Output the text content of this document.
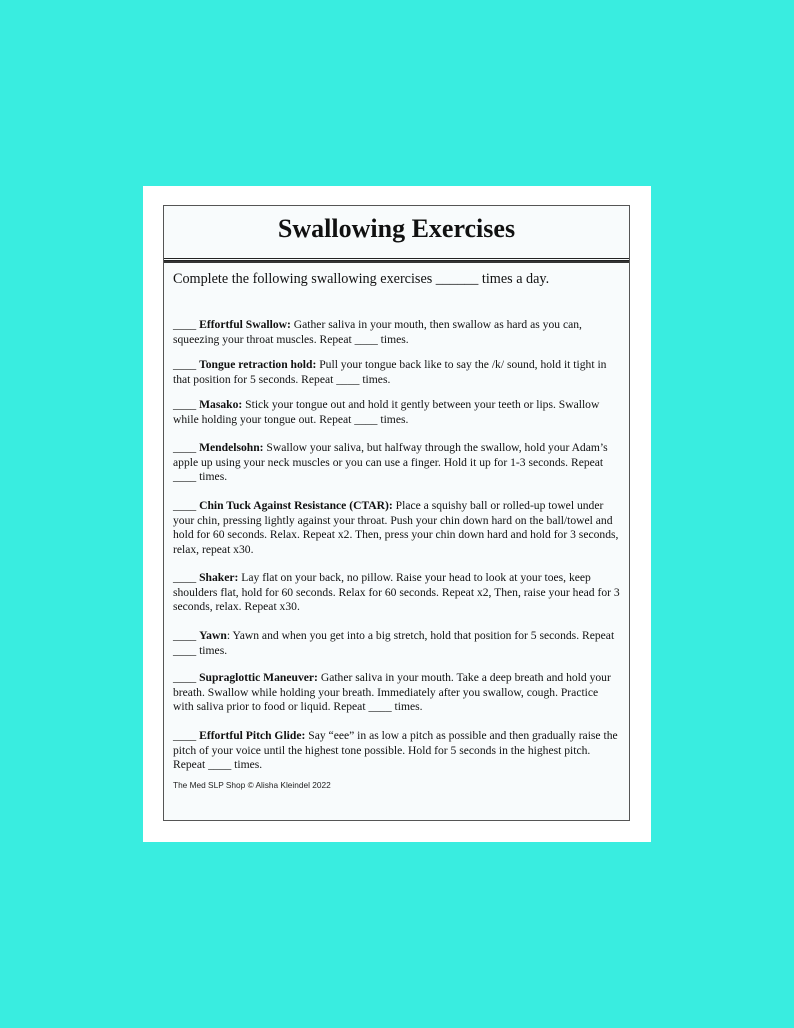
Swallowing Exercises
Complete the following swallowing exercises ______ times a day.
____ Effortful Swallow: Gather saliva in your mouth, then swallow as hard as you can, squeezing your throat muscles. Repeat ____ times.
____ Tongue retraction hold: Pull your tongue back like to say the /k/ sound, hold it tight in that position for 5 seconds. Repeat ____ times.
____ Masako: Stick your tongue out and hold it gently between your teeth or lips. Swallow while holding your tongue out. Repeat ____ times.
____ Mendelsohn: Swallow your saliva, but halfway through the swallow, hold your Adam’s apple up using your neck muscles or you can use a finger. Hold it up for 1-3 seconds. Repeat ____ times.
____ Chin Tuck Against Resistance (CTAR): Place a squishy ball or rolled-up towel under your chin, pressing lightly against your throat. Push your chin down hard on the ball/towel and hold for 60 seconds. Relax. Repeat x2. Then, press your chin down hard and hold for 3 seconds, relax, repeat x30.
____ Shaker: Lay flat on your back, no pillow. Raise your head to look at your toes, keep shoulders flat, hold for 60 seconds. Relax for 60 seconds. Repeat x2, Then, raise your head for 3 seconds, relax. Repeat x30.
____ Yawn: Yawn and when you get into a big stretch, hold that position for 5 seconds. Repeat ____ times.
____ Supraglottic Maneuver: Gather saliva in your mouth. Take a deep breath and hold your breath. Swallow while holding your breath. Immediately after you swallow, cough. Practice with saliva prior to food or liquid. Repeat ____ times.
____ Effortful Pitch Glide: Say “eee” in as low a pitch as possible and then gradually raise the pitch of your voice until the highest tone possible. Hold for 5 seconds in the highest pitch. Repeat ____ times.
The Med SLP Shop © Alisha Kleindel 2022
